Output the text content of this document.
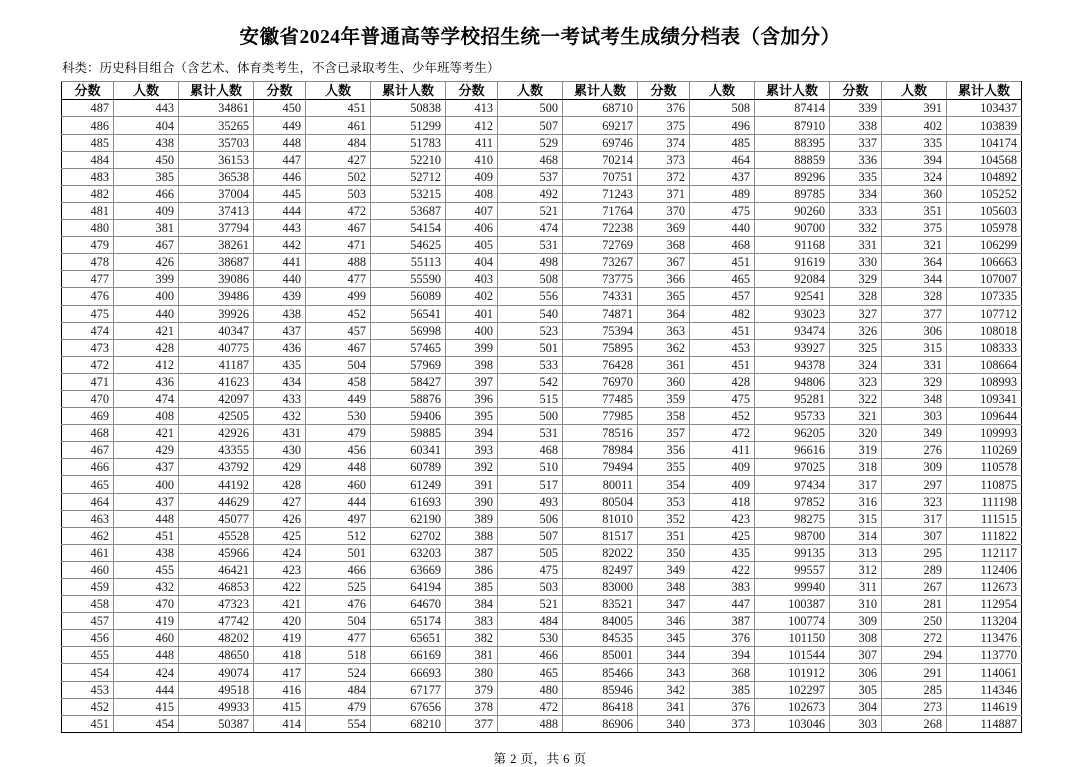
安徽省2024年普通高等学校招生统一考试考生成绩分档表（含加分）
科类：历史科目组合（含艺术、体育类考生，不含已录取考生、少年班等考生）
分数	人数	累计人数	分数	人数	累计人数	分数	人数	累计人数	分数	人数	累计人数	分数	人数	累计人数
487	443	34861	450	451	50838	413	500	68710	376	508	87414	339	391	103437
486	404	35265	449	461	51299	412	507	69217	375	496	87910	338	402	103839
485	438	35703	448	484	51783	411	529	69746	374	485	88395	337	335	104174
484	450	36153	447	427	52210	410	468	70214	373	464	88859	336	394	104568
483	385	36538	446	502	52712	409	537	70751	372	437	89296	335	324	104892
482	466	37004	445	503	53215	408	492	71243	371	489	89785	334	360	105252
481	409	37413	444	472	53687	407	521	71764	370	475	90260	333	351	105603
480	381	37794	443	467	54154	406	474	72238	369	440	90700	332	375	105978
479	467	38261	442	471	54625	405	531	72769	368	468	91168	331	321	106299
478	426	38687	441	488	55113	404	498	73267	367	451	91619	330	364	106663
477	399	39086	440	477	55590	403	508	73775	366	465	92084	329	344	107007
476	400	39486	439	499	56089	402	556	74331	365	457	92541	328	328	107335
475	440	39926	438	452	56541	401	540	74871	364	482	93023	327	377	107712
474	421	40347	437	457	56998	400	523	75394	363	451	93474	326	306	108018
473	428	40775	436	467	57465	399	501	75895	362	453	93927	325	315	108333
472	412	41187	435	504	57969	398	533	76428	361	451	94378	324	331	108664
471	436	41623	434	458	58427	397	542	76970	360	428	94806	323	329	108993
470	474	42097	433	449	58876	396	515	77485	359	475	95281	322	348	109341
469	408	42505	432	530	59406	395	500	77985	358	452	95733	321	303	109644
468	421	42926	431	479	59885	394	531	78516	357	472	96205	320	349	109993
467	429	43355	430	456	60341	393	468	78984	356	411	96616	319	276	110269
466	437	43792	429	448	60789	392	510	79494	355	409	97025	318	309	110578
465	400	44192	428	460	61249	391	517	80011	354	409	97434	317	297	110875
464	437	44629	427	444	61693	390	493	80504	353	418	97852	316	323	111198
463	448	45077	426	497	62190	389	506	81010	352	423	98275	315	317	111515
462	451	45528	425	512	62702	388	507	81517	351	425	98700	314	307	111822
461	438	45966	424	501	63203	387	505	82022	350	435	99135	313	295	112117
460	455	46421	423	466	63669	386	475	82497	349	422	99557	312	289	112406
459	432	46853	422	525	64194	385	503	83000	348	383	99940	311	267	112673
458	470	47323	421	476	64670	384	521	83521	347	447	100387	310	281	112954
457	419	47742	420	504	65174	383	484	84005	346	387	100774	309	250	113204
456	460	48202	419	477	65651	382	530	84535	345	376	101150	308	272	113476
455	448	48650	418	518	66169	381	466	85001	344	394	101544	307	294	113770
454	424	49074	417	524	66693	380	465	85466	343	368	101912	306	291	114061
453	444	49518	416	484	67177	379	480	85946	342	385	102297	305	285	114346
452	415	49933	415	479	67656	378	472	86418	341	376	102673	304	273	114619
451	454	50387	414	554	68210	377	488	86906	340	373	103046	303	268	114887
第 2 页，共 6 页
